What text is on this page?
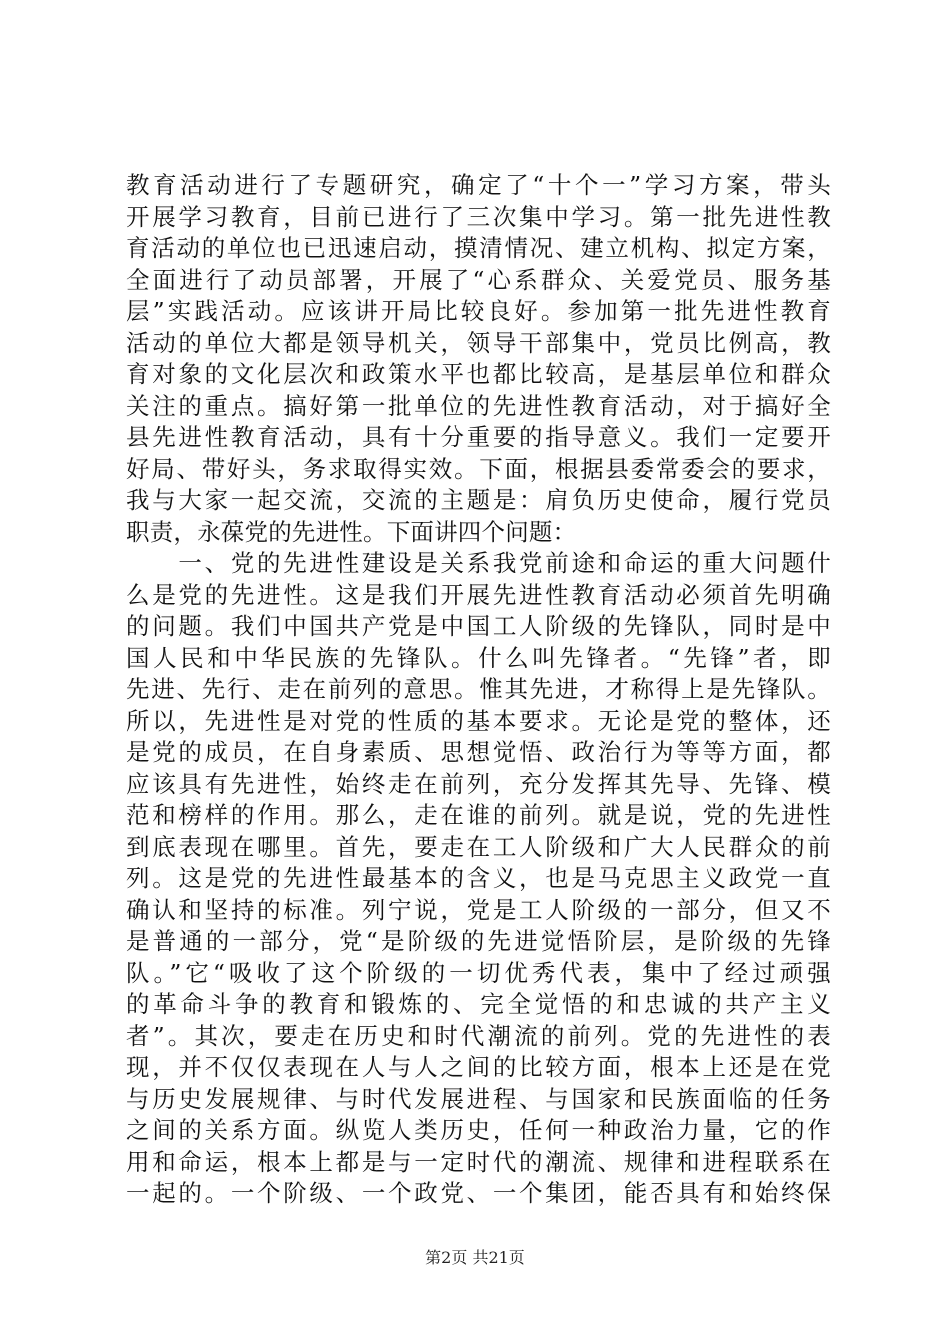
教育活动进行了专题研究，确定了“十个一”学习方案，带头
开展学习教育，目前已进行了三次集中学习。第一批先进性教
育活动的单位也已迅速启动，摸清情况、建立机构、拟定方案，
全面进行了动员部署，开展了“心系群众、关爱党员、服务基
层”实践活动。应该讲开局比较良好。参加第一批先进性教育
活动的单位大都是领导机关，领导干部集中，党员比例高，教
育对象的文化层次和政策水平也都比较高，是基层单位和群众
关注的重点。搞好第一批单位的先进性教育活动，对于搞好全
县先进性教育活动，具有十分重要的指导意义。我们一定要开
好局、带好头，务求取得实效。下面，根据县委常委会的要求，
我与大家一起交流，交流的主题是：肩负历史使命，履行党员
职责，永葆党的先进性。下面讲四个问题：
　　一、党的先进性建设是关系我党前途和命运的重大问题什
么是党的先进性。这是我们开展先进性教育活动必须首先明确
的问题。我们中国共产党是中国工人阶级的先锋队，同时是中
国人民和中华民族的先锋队。什么叫先锋者。“先锋”者，即
先进、先行、走在前列的意思。惟其先进，才称得上是先锋队。
所以，先进性是对党的性质的基本要求。无论是党的整体，还
是党的成员，在自身素质、思想觉悟、政治行为等等方面，都
应该具有先进性，始终走在前列，充分发挥其先导、先锋、模
范和榜样的作用。那么，走在谁的前列。就是说，党的先进性
到底表现在哪里。首先，要走在工人阶级和广大人民群众的前
列。这是党的先进性最基本的含义，也是马克思主义政党一直
确认和坚持的标准。列宁说，党是工人阶级的一部分，但又不
是普通的一部分，党“是阶级的先进觉悟阶层，是阶级的先锋
队。”它“吸收了这个阶级的一切优秀代表，集中了经过顽强
的革命斗争的教育和锻炼的、完全觉悟的和忠诚的共产主义
者”。其次，要走在历史和时代潮流的前列。党的先进性的表
现，并不仅仅表现在人与人之间的比较方面，根本上还是在党
与历史发展规律、与时代发展进程、与国家和民族面临的任务
之间的关系方面。纵览人类历史，任何一种政治力量，它的作
用和命运，根本上都是与一定时代的潮流、规律和进程联系在
一起的。一个阶级、一个政党、一个集团，能否具有和始终保
第2页 共21页
